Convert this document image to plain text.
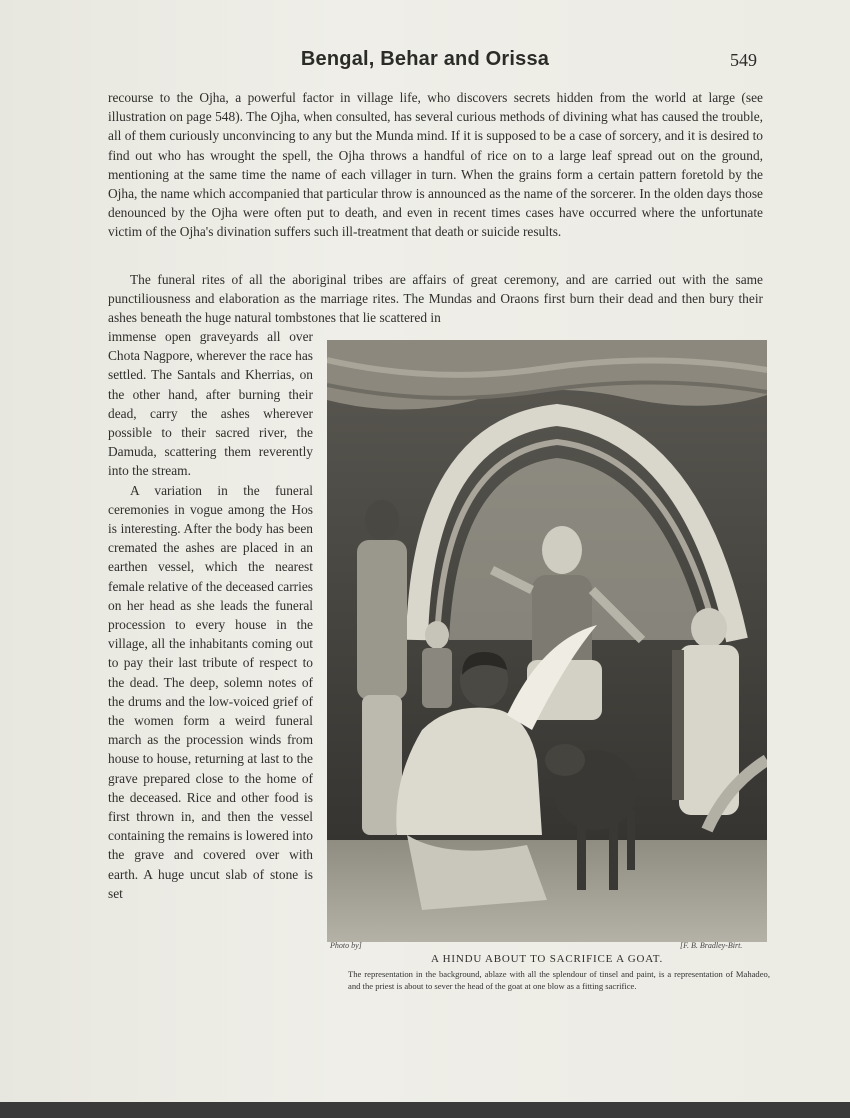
Bengal, Behar and Orissa	549

recourse to the Ojha, a powerful factor in village life, who discovers secrets hidden from the world at large (see illustration on page 548). The Ojha, when consulted, has several curious methods of divining what has caused the trouble, all of them curiously unconvincing to any but the Munda mind. If it is supposed to be a case of sorcery, and it is desired to find out who has wrought the spell, the Ojha throws a handful of rice on to a large leaf spread out on the ground, mentioning at the same time the name of each villager in turn. When the grains form a certain pattern foretold by the Ojha, the name which accompanied that particular throw is announced as the name of the sorcerer. In the olden days those denounced by the Ojha were often put to death, and even in recent times cases have occurred where the unfortunate victim of the Ojha's divination suffers such ill-treatment that death or suicide results.

The funeral rites of all the aboriginal tribes are affairs of great ceremony, and are carried out with the same punctiliousness and elaboration as the marriage rites. The Mundas and Oraons first burn their dead and then bury their ashes beneath the huge natural tombstones that lie scattered in

immense open graveyards all over Chota Nagpore, wherever the race has settled. The Santals and Kherrias, on the other hand, after burning their dead, carry the ashes wherever possible to their sacred river, the Damuda, scattering them reverently into the stream.

A variation in the funeral ceremonies in vogue among the Hos is interesting. After the body has been cremated the ashes are placed in an earthen vessel, which the nearest female relative of the deceased carries on her head as she leads the funeral procession to every house in the village, all the inhabitants coming out to pay their last tribute of respect to the dead. The deep, solemn notes of the drums and the low-voiced grief of the women form a weird funeral march as the procession winds from house to house, returning at last to the grave prepared close to the home of the deceased. Rice and other food is first thrown in, and then the vessel containing the remains is lowered into the grave and covered over with earth. A huge uncut slab of stone is set

Photo by]	[F. B. Bradley-Birt.
A HINDU ABOUT TO SACRIFICE A GOAT.
The representation in the background, ablaze with all the splendour of tinsel and paint, is a representation of Mahadeo, and the priest is about to sever the head of the goat at one blow as a fitting sacrifice.
